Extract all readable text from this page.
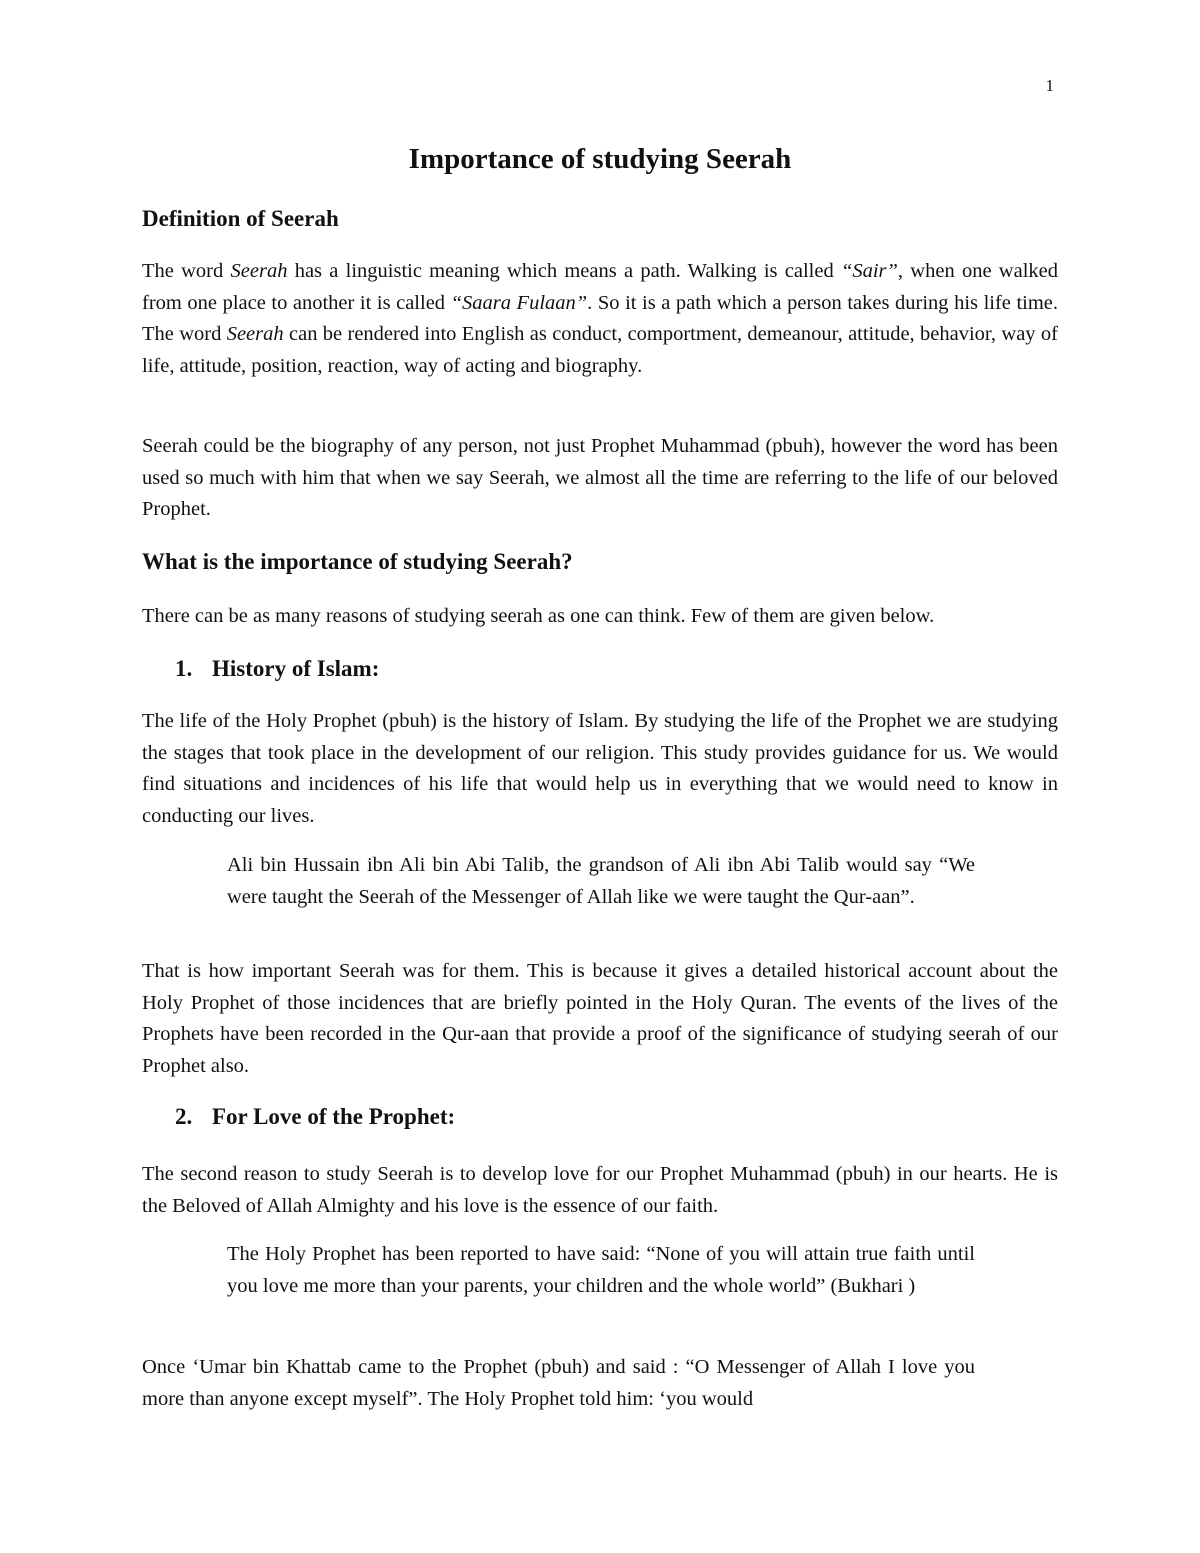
1
Importance of studying Seerah
Definition of Seerah

The word Seerah has a linguistic meaning which means a path. Walking is called “Sair”, when one walked from one place to another it is called “Saara Fulaan”. So it is a path which a person takes during his life time. The word Seerah can be rendered into English as conduct, comportment, demeanour, attitude, behavior, way of life, attitude, position, reaction, way of acting and biography.

Seerah could be the biography of any person, not just Prophet Muhammad (pbuh), however the word has been used so much with him that when we say Seerah, we almost all the time are referring to the life of our beloved Prophet.

What is the importance of studying Seerah?

There can be as many reasons of studying seerah as one can think. Few of them are given below.

1. History of Islam:

The life of the Holy Prophet (pbuh) is the history of Islam. By studying the life of the Prophet we are studying the stages that took place in the development of our religion. This study provides guidance for us. We would find situations and incidences of his life that would help us in everything that we would need to know in conducting our lives.

Ali bin Hussain ibn Ali bin Abi Talib, the grandson of Ali ibn Abi Talib would say “We were taught the Seerah of the Messenger of Allah like we were taught the Qur-aan”.

That is how important Seerah was for them. This is because it gives a detailed historical account about the Holy Prophet of those incidences that are briefly pointed in the Holy Quran. The events of the lives of the Prophets have been recorded in the Qur-aan that provide a proof of the significance of studying seerah of our Prophet also.

2. For Love of the Prophet:

The second reason to study Seerah is to develop love for our Prophet Muhammad (pbuh) in our hearts. He is the Beloved of Allah Almighty and his love is the essence of our faith.

The Holy Prophet has been reported to have said: “None of you will attain true faith until you love me more than your parents, your children and the whole world” (Bukhari )

Once ‘Umar bin Khattab came to the Prophet (pbuh) and said : “O Messenger of Allah I love you more than anyone except myself”. The Holy Prophet told him: ‘you would
